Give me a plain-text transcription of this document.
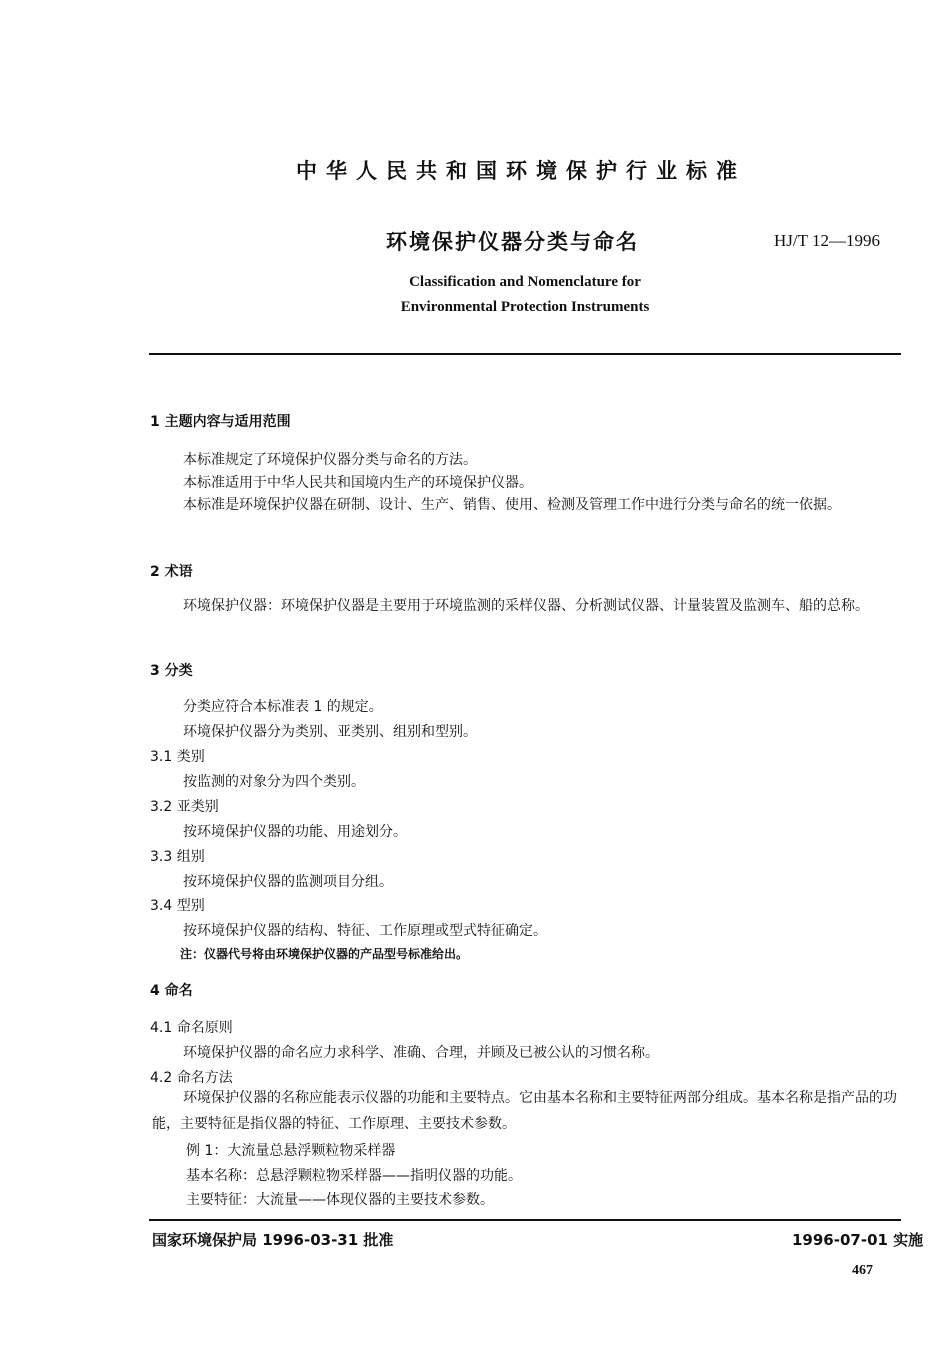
中华人民共和国环境保护行业标准
环境保护仪器分类与命名	HJ/T 12—1996
Classification and Nomenclature for
Environmental Protection Instruments
1 主题内容与适用范围
本标准规定了环境保护仪器分类与命名的方法。
本标准适用于中华人民共和国境内生产的环境保护仪器。
本标准是环境保护仪器在研制、设计、生产、销售、使用、检测及管理工作中进行分类与命名的统一依据。
2 术语
环境保护仪器：环境保护仪器是主要用于环境监测的采样仪器、分析测试仪器、计量装置及监测车、船的总称。
3 分类
分类应符合本标准表 1 的规定。
环境保护仪器分为类别、亚类别、组别和型别。
3.1 类别
按监测的对象分为四个类别。
3.2 亚类别
按环境保护仪器的功能、用途划分。
3.3 组别
按环境保护仪器的监测项目分组。
3.4 型别
按环境保护仪器的结构、特征、工作原理或型式特征确定。
注：仪器代号将由环境保护仪器的产品型号标准给出。
4 命名
4.1 命名原则
环境保护仪器的命名应力求科学、准确、合理，并顾及已被公认的习惯名称。
4.2 命名方法
环境保护仪器的名称应能表示仪器的功能和主要特点。它由基本名称和主要特征两部分组成。基本名称是指产品的功能，主要特征是指仪器的特征、工作原理、主要技术参数。
例 1：大流量总悬浮颗粒物采样器
基本名称：总悬浮颗粒物采样器——指明仪器的功能。
主要特征：大流量——体现仪器的主要技术参数。
国家环境保护局 1996-03-31 批准	1996-07-01 实施
467
